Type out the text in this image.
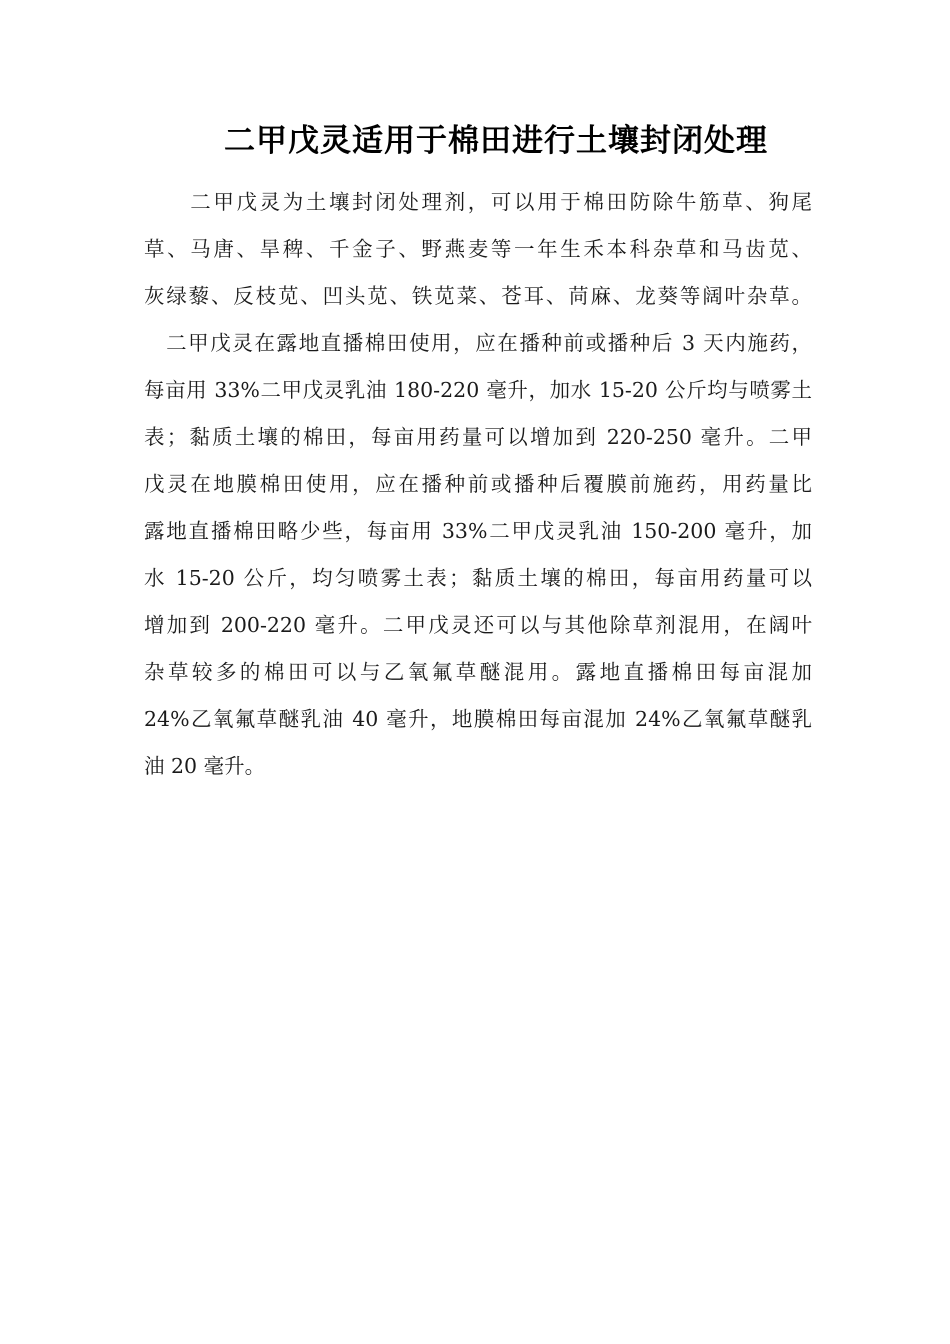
二甲戊灵适用于棉田进行土壤封闭处理
　　二甲戊灵为土壤封闭处理剂，可以用于棉田防除牛筋草、狗尾
草、马唐、旱稗、千金子、野燕麦等一年生禾本科杂草和马齿苋、
灰绿藜、反枝苋、凹头苋、铁苋菜、苍耳、苘麻、龙葵等阔叶杂草。
　二甲戊灵在露地直播棉田使用，应在播种前或播种后 3 天内施药，
每亩用 33%二甲戊灵乳油 180-220 毫升，加水 15-20 公斤均与喷雾土
表；黏质土壤的棉田，每亩用药量可以增加到 220-250 毫升。二甲
戊灵在地膜棉田使用，应在播种前或播种后覆膜前施药，用药量比
露地直播棉田略少些，每亩用 33%二甲戊灵乳油 150-200 毫升，加
水 15-20 公斤，均匀喷雾土表；黏质土壤的棉田，每亩用药量可以
增加到 200-220 毫升。二甲戊灵还可以与其他除草剂混用，在阔叶
杂草较多的棉田可以与乙氧氟草醚混用。露地直播棉田每亩混加
24%乙氧氟草醚乳油 40 毫升，地膜棉田每亩混加 24%乙氧氟草醚乳
油 20 毫升。
